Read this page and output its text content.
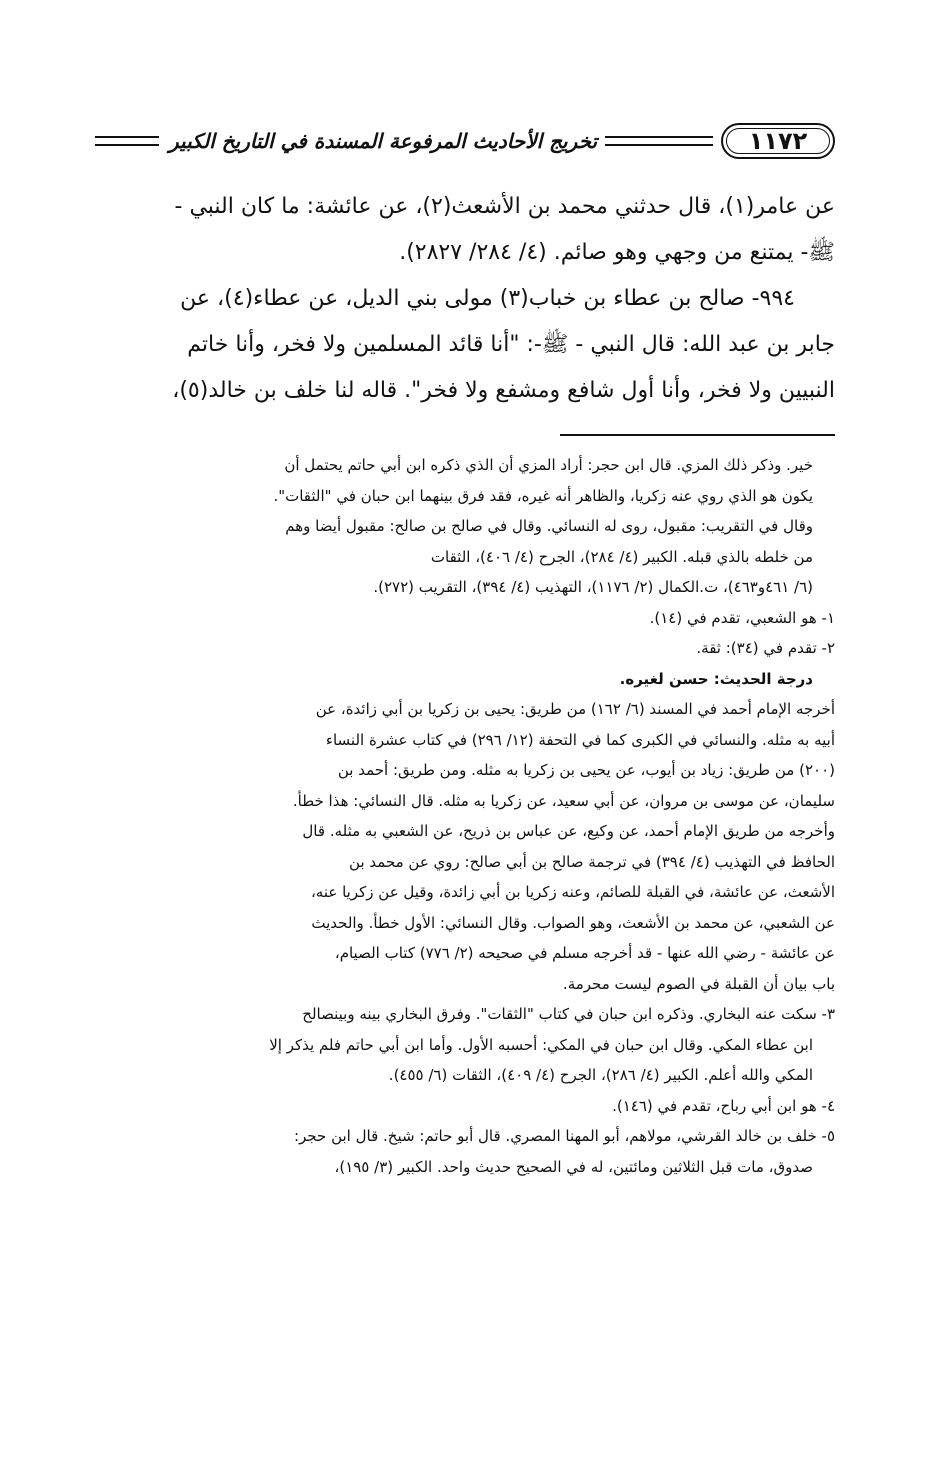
١١٧٢
تخريج الأحاديث المرفوعة المسندة في التاريخ الكبير

عن عامر(١)، قال حدثني محمد بن الأشعث(٢)، عن عائشة: ما كان النبي -

ﷺ- يمتنع من وجهي وهو صائم. (٤/ ٢٨٤/ ٢٨٢٧).

٩٩٤- صالح بن عطاء بن خباب(٣) مولى بني الديل، عن عطاء(٤)، عن

جابر بن عبد الله: قال النبي - ﷺ-: "أنا قائد المسلمين ولا فخر، وأنا خاتم

النبيين ولا فخر، وأنا أول شافع ومشفع ولا فخر". قاله لنا خلف بن خالد(٥)،

خير. وذكر ذلك المزي. قال ابن حجر: أراد المزي أن الذي ذكره ابن أبي حاتم يحتمل أن

يكون هو الذي روي عنه زكريا، والظاهر أنه غيره، فقد فرق بينهما ابن حبان في "الثقات".

وقال في التقريب: مقبول، روى له النسائي. وقال في صالح بن صالح: مقبول أيضا وهم

من خلطه بالذي قبله. الكبير (٤/ ٢٨٤)، الجرح (٤/ ٤٠٦)، الثقات

(٦/ ٤٦١و٤٦٣)، ت.الكمال (٢/ ١١٧٦)، التهذيب (٤/ ٣٩٤)، التقريب (٢٧٢).

١- هو الشعبي، تقدم في (١٤).

٢- تقدم في (٣٤): ثقة.

درجة الحديث: حسن لغيره.

أخرجه الإمام أحمد في المسند (٦/ ١٦٢) من طريق: يحيى بن زكريا بن أبي زائدة، عن

أبيه به مثله. والنسائي في الكبرى كما في التحفة (١٢/ ٢٩٦) في كتاب عشرة النساء

(٢٠٠) من طريق: زياد بن أيوب، عن يحيى بن زكريا به مثله. ومن طريق: أحمد بن

سليمان، عن موسى بن مروان، عن أبي سعيد، عن زكريا به مثله. قال النسائي: هذا خطأ.

وأخرجه من طريق الإمام أحمد، عن وكيع، عن عباس بن ذريح، عن الشعبي به مثله. قال

الحافظ في التهذيب (٤/ ٣٩٤) في ترجمة صالح بن أبي صالح: روي عن محمد بن

الأشعث، عن عائشة، في القبلة للصائم، وعنه زكريا بن أبي زائدة، وقيل عن زكريا عنه،

عن الشعبي، عن محمد بن الأشعث، وهو الصواب. وقال النسائي: الأول خطأ. والحديث

عن عائشة - رضي الله عنها - قد أخرجه مسلم في صحيحه (٢/ ٧٧٦) كتاب الصيام،

باب بيان أن القبلة في الصوم ليست محرمة.

٣- سكت عنه البخاري. وذكره ابن حبان في كتاب "الثقات". وفرق البخاري بينه وبينصالح

ابن عطاء المكي. وقال ابن حبان في المكي: أحسبه الأول. وأما ابن أبي حاتم فلم يذكر إلا

المكي والله أعلم. الكبير (٤/ ٢٨٦)، الجرح (٤/ ٤٠٩)، الثقات (٦/ ٤٥٥).

٤- هو ابن أبي رباح، تقدم في (١٤٦).

٥- خلف بن خالد القرشي، مولاهم، أبو المهنا المصري. قال أبو حاتم: شيخ. قال ابن حجر:

صدوق، مات قبل الثلاثين ومائتين، له في الصحيح حديث واحد. الكبير (٣/ ١٩٥)،
